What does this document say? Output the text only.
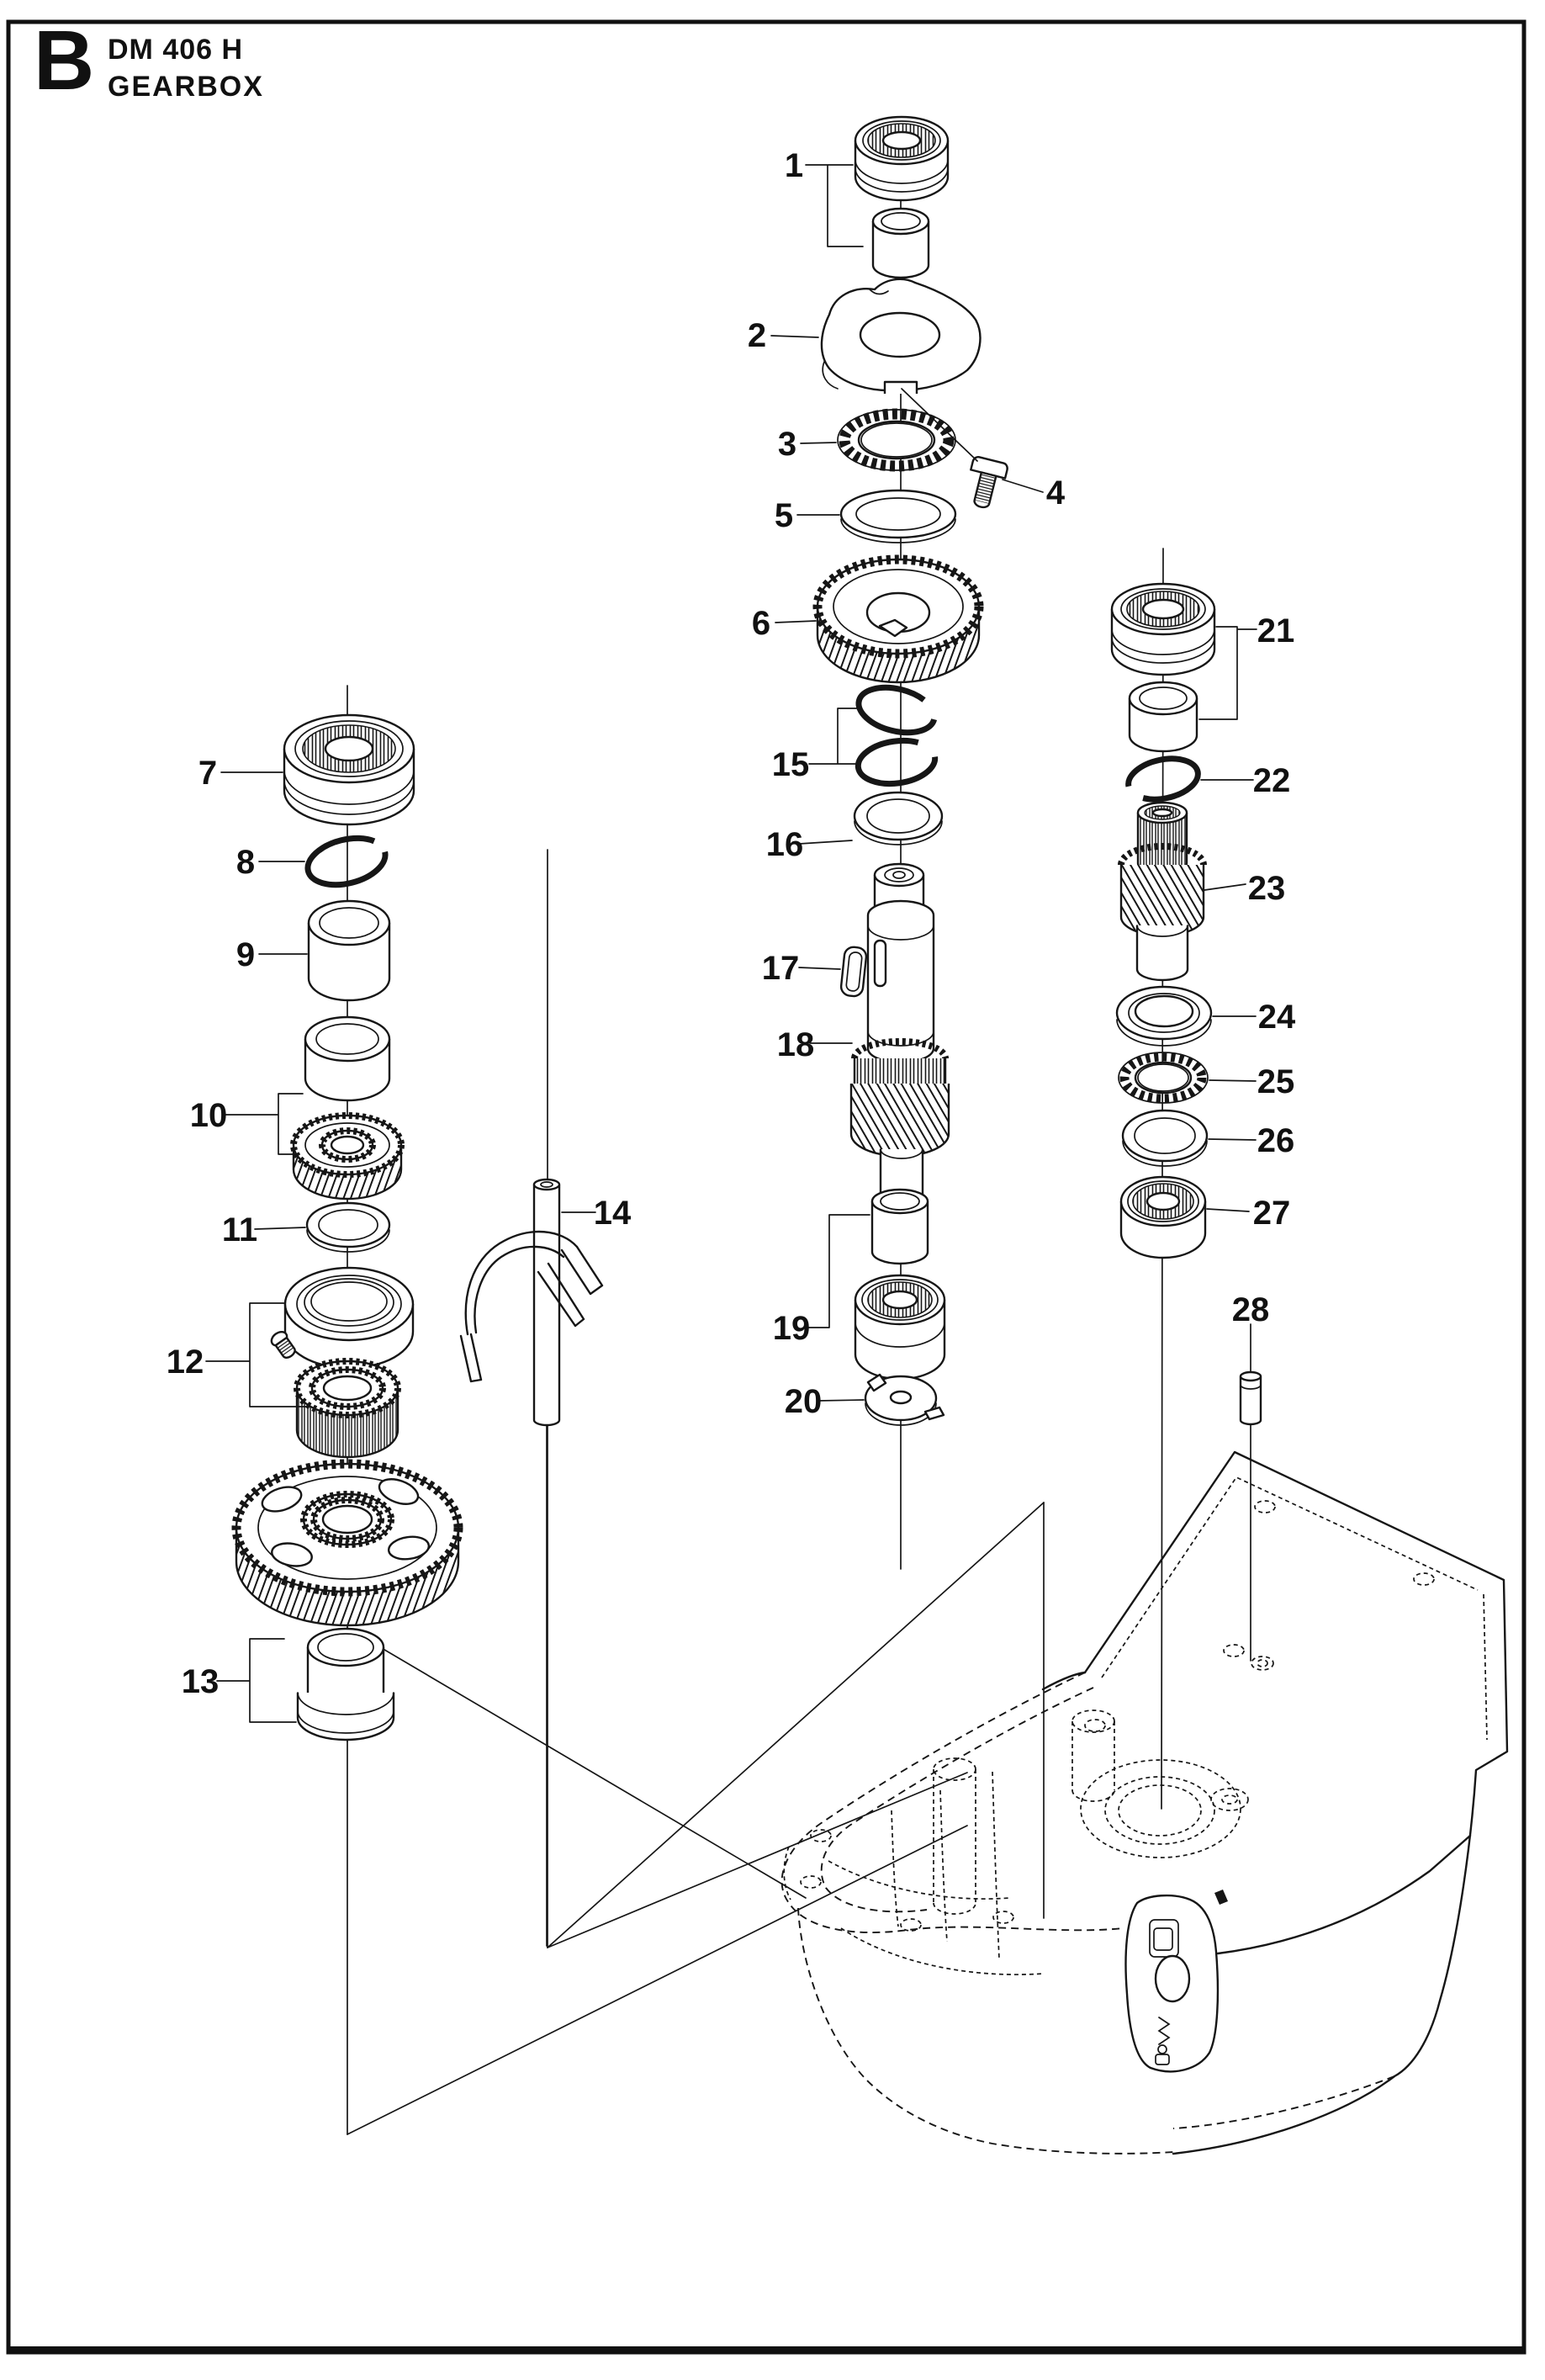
B DM 406 H
GEARBOX
1
2
3
4
5
6
7
8
9
10
11
12
13
14
15
16
17
18
19
20
21
22
23
24
25
26
27
28
